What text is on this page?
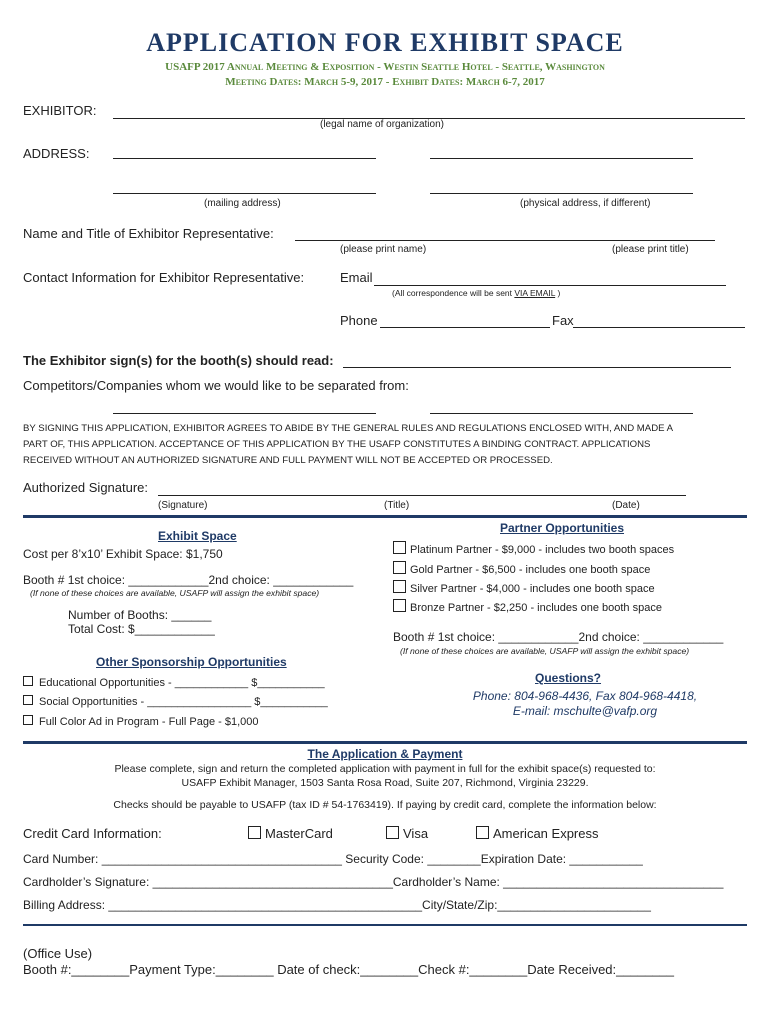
APPLICATION FOR EXHIBIT SPACE
USAFP 2017 Annual Meeting & Exposition - Westin Seattle Hotel - Seattle, Washington
Meeting Dates: March 5-9, 2017 - Exhibit Dates: March 6-7, 2017
EXHIBITOR:
(legal name of organization)
ADDRESS:
(mailing address)	(physical address, if different)
Name and Title of Exhibitor Representative:
(please print name)	(please print title)
Contact Information for Exhibitor Representative:	Email
(All correspondence will be sent VIA EMAIL )
Phone	Fax
The Exhibitor sign(s) for the booth(s) should read:
Competitors/Companies whom we would like to be separated from:
BY SIGNING THIS APPLICATION, EXHIBITOR AGREES TO ABIDE BY THE GENERAL RULES AND REGULATIONS ENCLOSED WITH, AND MADE A
PART OF, THIS APPLICATION. ACCEPTANCE OF THIS APPLICATION BY THE USAFP CONSTITUTES A BINDING CONTRACT. APPLICATIONS
RECEIVED WITHOUT AN AUTHORIZED SIGNATURE AND FULL PAYMENT WILL NOT BE ACCEPTED OR PROCESSED.
Authorized Signature:
(Signature)	(Title)	(Date)
Exhibit Space
Cost per 8’x10’ Exhibit Space: $1,750
Booth # 1st choice: ____________2nd choice: ____________
(If none of these choices are available, USAFP will assign the exhibit space)
Number of Booths: ______
Total Cost: $____________
Partner Opportunities
Platinum Partner - $9,000 - includes two booth spaces
Gold Partner - $6,500 - includes one booth space
Silver Partner - $4,000 - includes one booth space
Bronze Partner - $2,250 - includes one booth space
Booth # 1st choice: ____________2nd choice: ____________
(If none of these choices are available, USAFP will assign the exhibit space)
Other Sponsorship Opportunities
Educational Opportunities - ____________ $___________
Social Opportunities - _________________ $___________
Full Color Ad in Program - Full Page - $1,000
Questions?
Phone: 804-968-4436, Fax 804-968-4418,
E-mail: mschulte@vafp.org
The Application & Payment
Please complete, sign and return the completed application with payment in full for the exhibit space(s) requested to:
USAFP Exhibit Manager, 1503 Santa Rosa Road, Suite 207, Richmond, Virginia 23229.
Checks should be payable to USAFP (tax ID # 54-1763419). If paying by credit card, complete the information below:
Credit Card Information:	MasterCard	Visa	American Express
Card Number: ____________________________________ Security Code: ________Expiration Date: ___________
Cardholder’s Signature: ____________________________________Cardholder’s Name: _________________________________
Billing Address: _______________________________________________City/State/Zip:_______________________
(Office Use)
Booth #:________Payment Type:________ Date of check:________Check #:________Date Received:________
